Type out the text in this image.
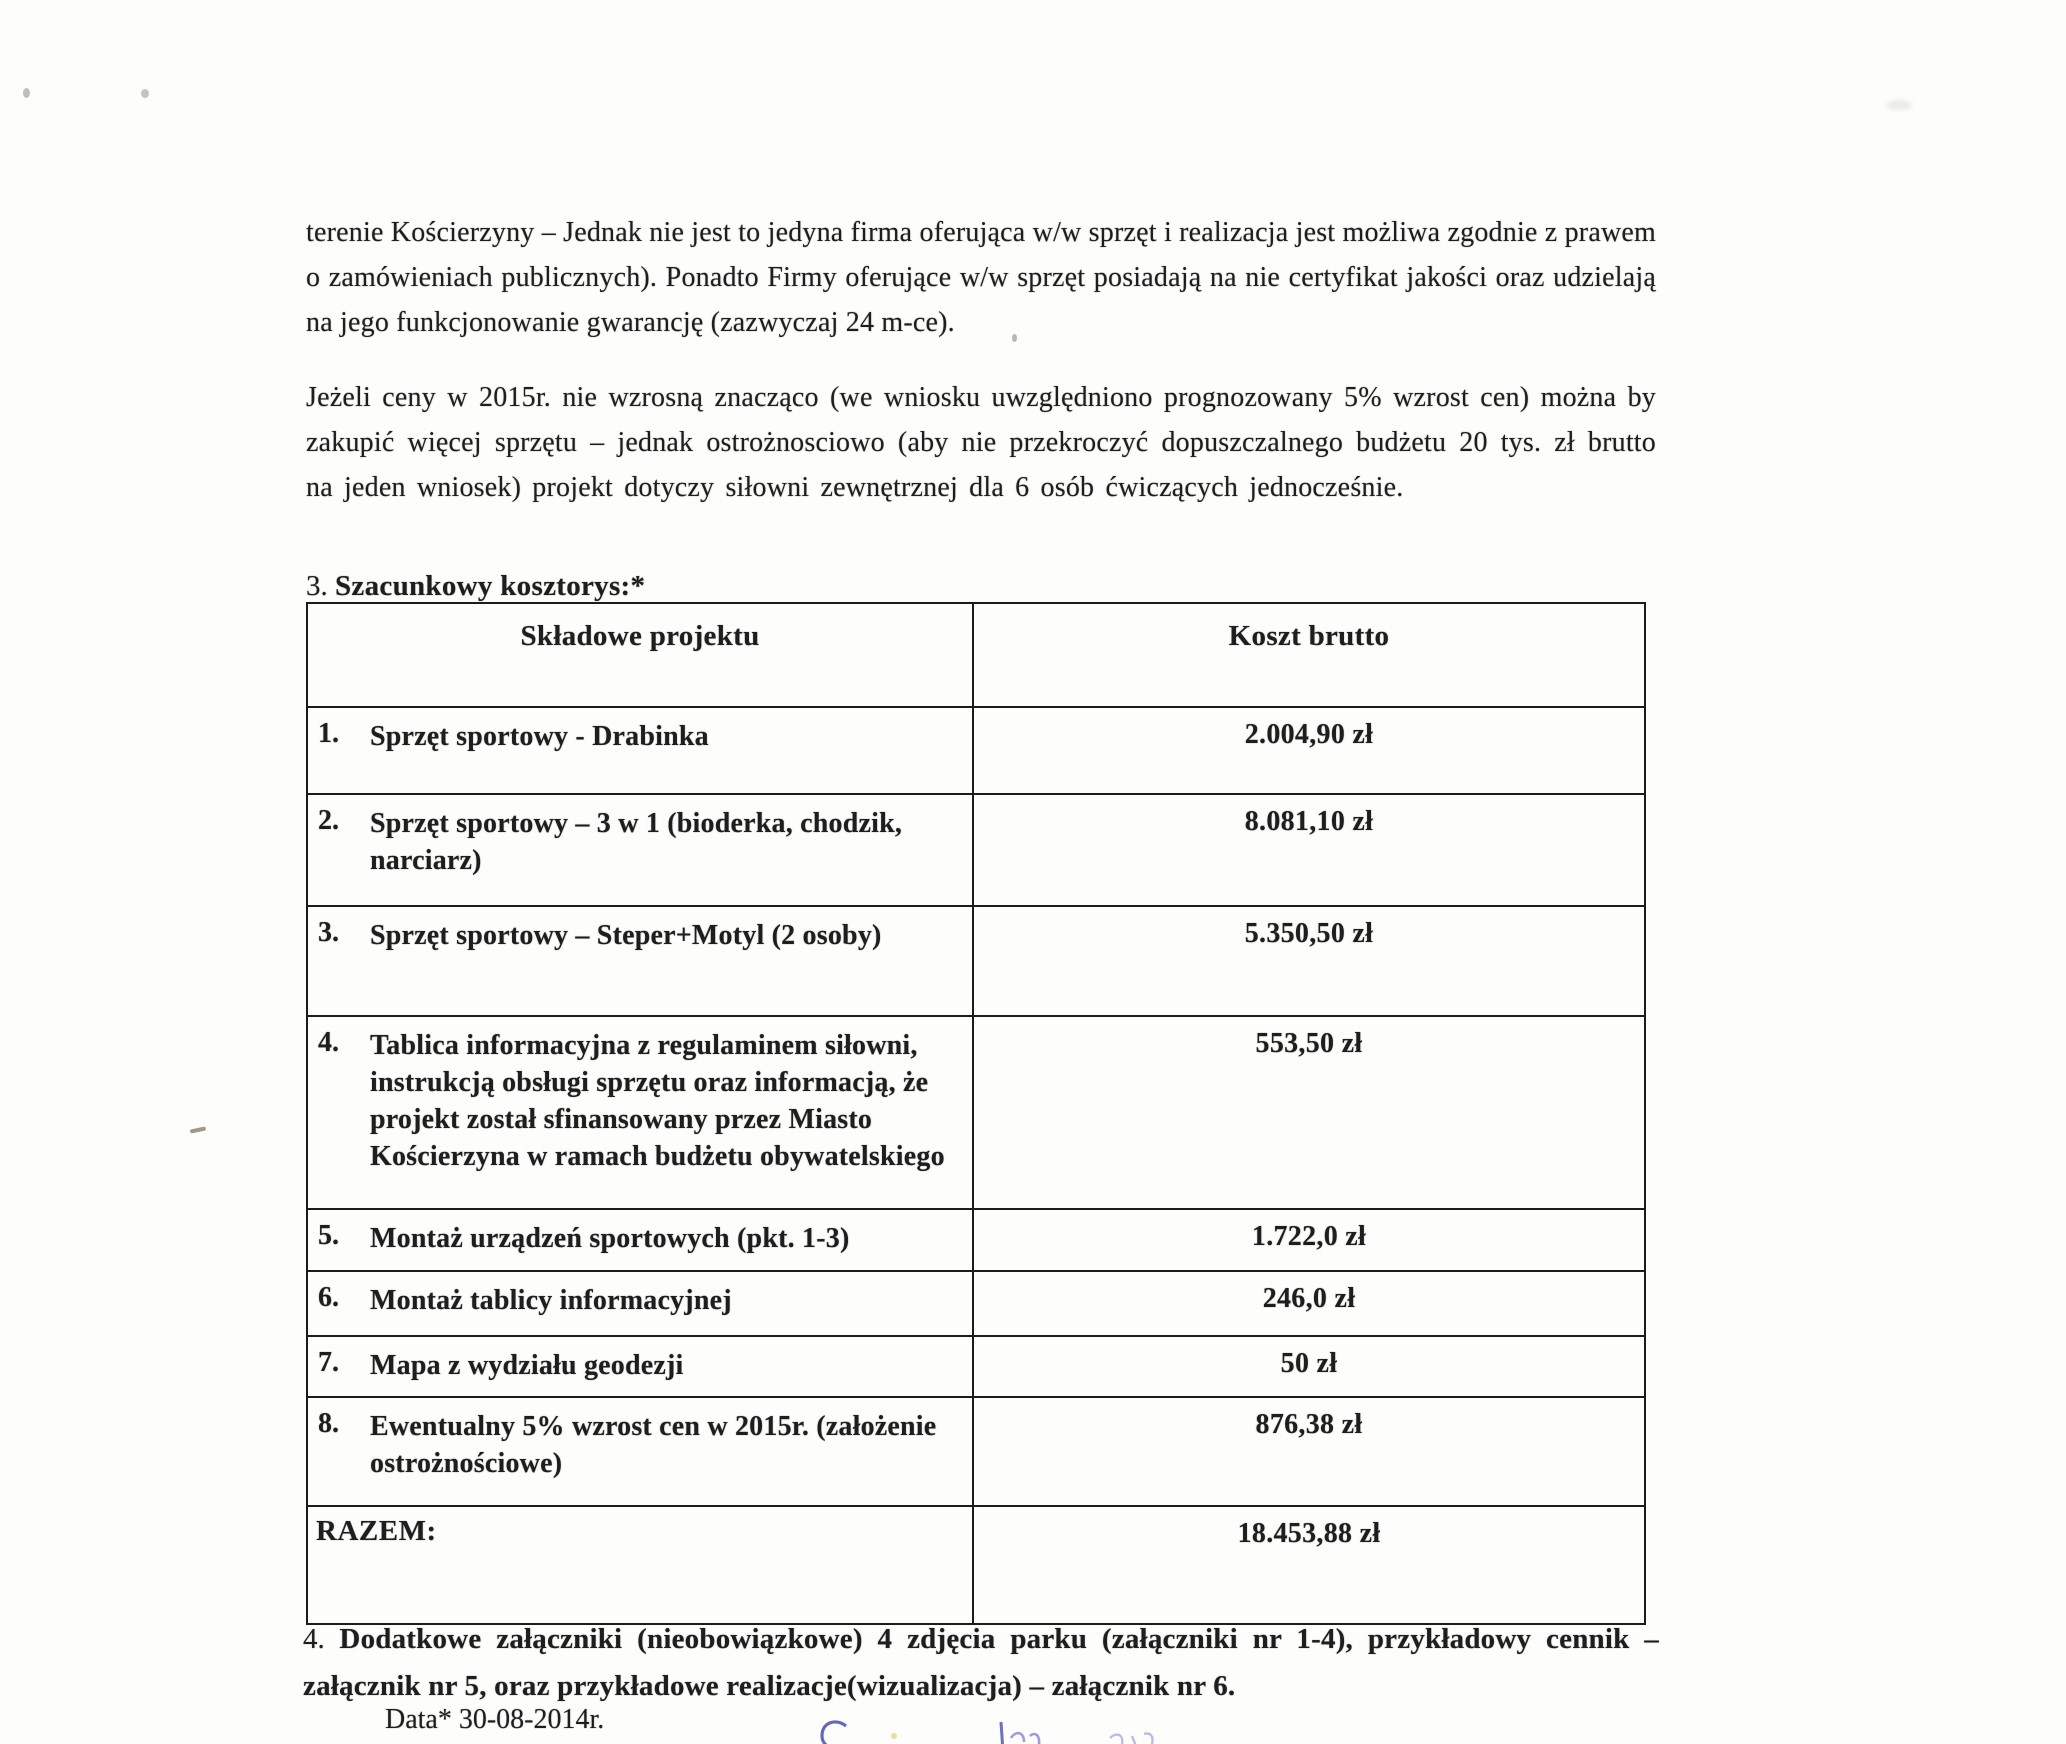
terenie Kościerzyny – Jednak nie jest to jedyna firma oferująca w/w sprzęt i realizacja jest możliwa zgodnie z prawem o zamówieniach publicznych). Ponadto Firmy oferujące w/w sprzęt posiadają na nie certyfikat jakości oraz udzielają na jego funkcjonowanie gwarancję (zazwyczaj 24 m-ce).

Jeżeli ceny w 2015r. nie wzrosną znacząco (we wniosku uwzględniono prognozowany 5% wzrost cen) można by zakupić więcej sprzętu – jednak ostrożnosciowo (aby nie przekroczyć dopuszczalnego budżetu 20 tys. zł brutto na jeden wniosek) projekt dotyczy siłowni zewnętrznej dla 6 osób ćwiczących jednocześnie.

3. Szacunkowy kosztorys:*
Składowe projektu	Koszt brutto

1. Sprzęt sportowy - Drabinka	2.004,90 zł

2. Sprzęt sportowy – 3 w 1 (bioderka, chodzik, narciarz)	8.081,10 zł

3. Sprzęt sportowy – Steper+Motyl (2 osoby)	5.350,50 zł

4. Tablica informacyjna z regulaminem siłowni, instrukcją obsługi sprzętu oraz informacją, że projekt został sfinansowany przez Miasto Kościerzyna w ramach budżetu obywatelskiego	553,50 zł

5. Montaż urządzeń sportowych (pkt. 1-3)	1.722,0 zł

6. Montaż tablicy informacyjnej	246,0 zł

7. Mapa z wydziału geodezji	50 zł

8. Ewentualny 5% wzrost cen w 2015r. (założenie ostrożnościowe)	876,38 zł

RAZEM:	18.453,88 zł
4. Dodatkowe załączniki (nieobowiązkowe) 4 zdjęcia parku (załączniki nr 1-4), przykładowy cennik – załącznik nr 5, oraz przykładowe realizacje(wizualizacja) – załącznik nr 6.
Data* 30-08-2014r.
